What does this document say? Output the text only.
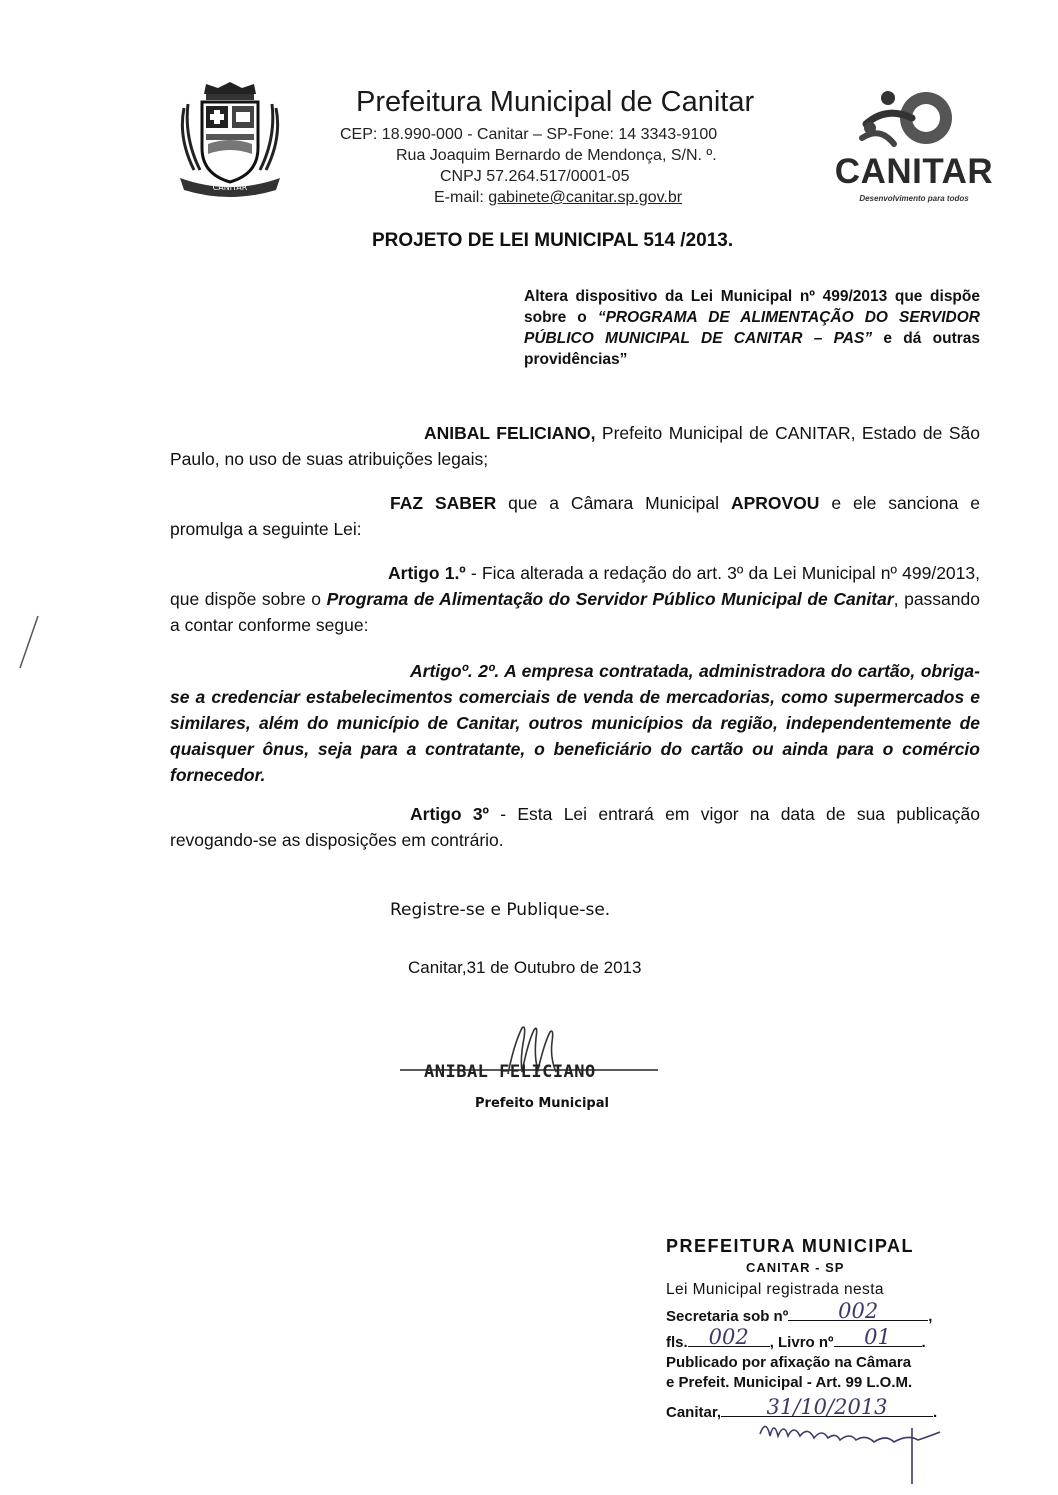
CANITAR
Prefeitura Municipal de Canitar
CEP: 18.990-000 - Canitar – SP-Fone: 14 3343-9100
Rua Joaquim Bernardo de Mendonça, S/N. º.
CNPJ 57.264.517/0001-05
E-mail: gabinete@canitar.sp.gov.br
CANITAR
Desenvolvimento para todos
PROJETO DE LEI MUNICIPAL 514 /2013.
Altera dispositivo da Lei Municipal nº 499/2013 que dispõe sobre o “PROGRAMA DE ALIMENTAÇÃO DO SERVIDOR PÚBLICO MUNICIPAL DE CANITAR – PAS” e dá outras providências”
ANIBAL FELICIANO, Prefeito Municipal de CANITAR, Estado de São Paulo, no uso de suas atribuições legais;
FAZ SABER que a Câmara Municipal APROVOU e ele sanciona e promulga a seguinte Lei:
Artigo 1.º - Fica alterada a redação do art. 3º da Lei Municipal nº 499/2013, que dispõe sobre o Programa de Alimentação do Servidor Público Municipal de Canitar, passando a contar conforme segue:
Artigoº. 2º. A empresa contratada, administradora do cartão, obriga-se a credenciar estabelecimentos comerciais de venda de mercadorias, como supermercados e similares, além do município de Canitar, outros municípios da região, independentemente de quaisquer ônus, seja para a contratante, o beneficiário do cartão ou ainda para o comércio fornecedor.
Artigo 3º - Esta Lei entrará em vigor na data de sua publicação revogando-se as disposições em contrário.
Registre-se e Publique-se.
Canitar,31 de Outubro de 2013
ANIBAL FELICIANO
Prefeito Municipal
PREFEITURA MUNICIPAL
CANITAR - SP
Lei Municipal registrada nesta
Secretaria sob nº	002	,
fls. 002	, Livro nº	01	.
Publicado por afixação na Câmara
e Prefeit. Municipal - Art. 99 L.O.M.
Canitar,	31/10/2013	.
